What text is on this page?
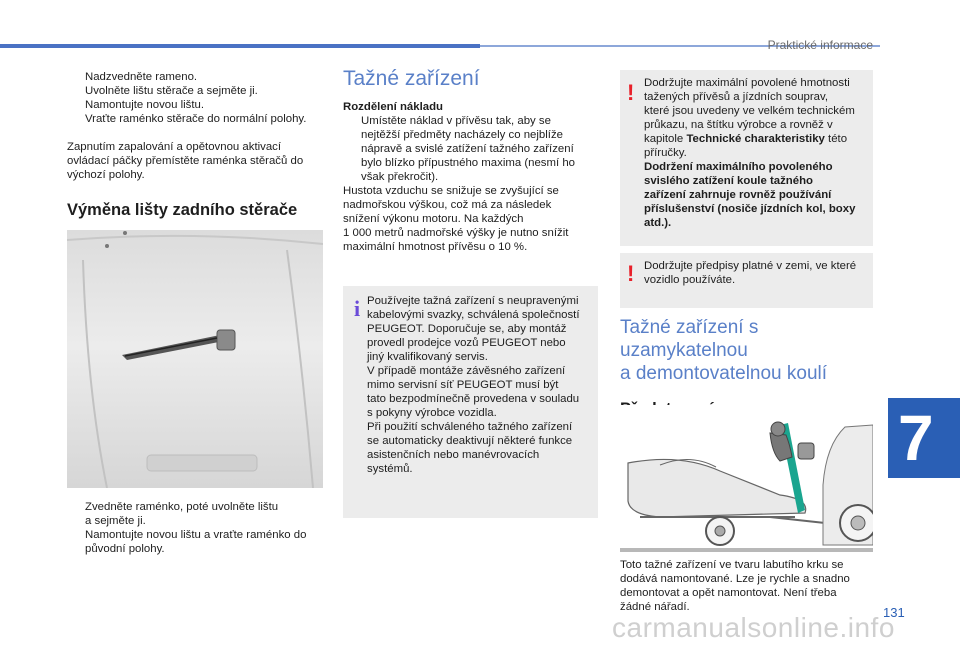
Praktické informace
7
131
carmanualsonline.info

Nadzvedněte rameno.

Uvolněte lištu stěrače a sejměte ji.

Namontujte novou lištu.

Vraťte raménko stěrače do normální polohy.

Zapnutím zapalování a opětovnou aktivací

ovládací páčky přemístěte raménka stěračů do

výchozí polohy.

Výměna lišty zadního stěrače

Zvedněte raménko, poté uvolněte lištu
a sejměte ji.

Namontujte novou lištu a vraťte raménko do
původní polohy.

Tažné zařízení
Rozdělení nákladu

Umístěte náklad v přívěsu tak, aby se
nejtěžší předměty nacházely co nejblíže
nápravě a svislé zatížení tažného zařízení
bylo blízko přípustného maxima (nesmí ho
však překročit).

Hustota vzduchu se snižuje se zvyšující se

nadmořskou výškou, což má za následek

snížení výkonu motoru. Na každých

1 000 metrů nadmořské výšky je nutno snížit

maximální hmotnost přívěsu o 10 %.

i Používejte tažná zařízení s neupravenými

kabelovými svazky, schválená společností

PEUGEOT. Doporučuje se, aby montáž

provedl prodejce vozů PEUGEOT nebo

jiný kvalifikovaný servis.

V případě montáže závěsného zařízení

mimo servisní síť PEUGEOT musí být

tato bezpodmínečně provedena v souladu

s pokyny výrobce vozidla.

Při použití schváleného tažného zařízení

se automaticky deaktivují některé funkce

asistenčních nebo manévrovacích

systémů.

! Dodržujte maximální povolené hmotnosti

tažených přívěsů a jízdních souprav,

které jsou uvedeny ve velkém technickém

průkazu, na štítku výrobce a rovněž v

kapitole Technické charakteristiky této

příručky.

Dodržení maximálního povoleného

svislého zatížení koule tažného

zařízení zahrnuje rovněž používání

příslušenství (nosiče jízdních kol, boxy

atd.).

! Dodržujte předpisy platné v zemi, ve které

vozidlo používáte.

Tažné zařízení s uzamykatelnou
a demontovatelnou koulí

Toto tažné zařízení ve tvaru labutího krku se

dodává namontované. Lze je rychle a snadno

demontovat a opět namontovat. Není třeba

žádné nářadí.
